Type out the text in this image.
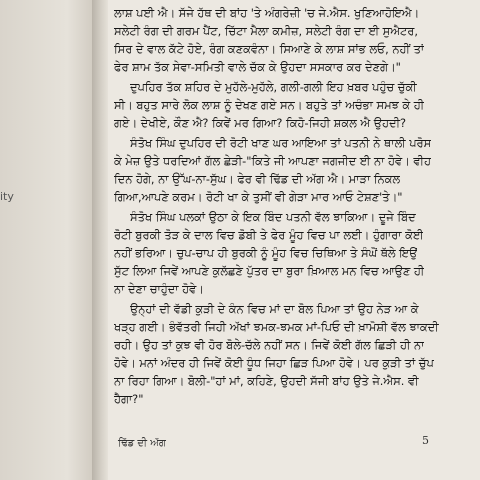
ity
ਲਾਸ਼ ਪਈ ਐ। ਸੱਜੇ ਹੱਥ ਦੀ ਬਾਂਹ 'ਤੇ ਅੰਗਰੇਜ਼ੀ 'ਚ ਜੇ.ਐਸ. ਖੁਣਿਆਹੋਇਐ।
ਸਲੇਟੀ ਰੰਗ ਦੀ ਗਰਮ ਪੈਂਟ, ਚਿੱਟਾ ਮੈਲਾ ਕਮੀਜ਼, ਸਲੇਟੀ ਰੰਗ ਦਾ ਈ ਸੁਐਟਰ,
ਸਿਰ ਦੇ ਵਾਲ ਕੱਟੇ ਹੋਏ, ਰੰਗ ਕਣਕਵੰਨਾ। ਸਿਆਣੇ ਕੇ ਲਾਸ਼ ਸਾਂਭ ਲਓ, ਨਹੀਂ ਤਾਂ
ਫੇਰ ਸ਼ਾਮ ਤੱਕ ਸੇਵਾ-ਸਮਿਤੀ ਵਾਲੇ ਚੱਕ ਕੇ ਉਹਦਾ ਸਸਕਾਰ ਕਰ ਦੇਣਗੇ।"
ਦੁਪਹਿਰ ਤੱਕ ਸ਼ਹਿਰ ਦੇ ਮੁਹੱਲੇ-ਮੁਹੱਲੇ, ਗਲੀ-ਗਲੀ ਇਹ ਖ਼ਬਰ ਪਹੁੰਚ ਚੁੱਕੀ
ਸੀ। ਬਹੁਤ ਸਾਰੇ ਲੋਕ ਲਾਸ਼ ਨੂੰ ਦੇਖਣ ਗਏ ਸਨ। ਬਹੁਤੇ ਤਾਂ ਅਚੰਭਾ ਸਮਝ ਕੇ ਹੀ
ਗਏ। ਦੇਖੀਏ, ਕੌਣ ਐ? ਕਿਵੇਂ ਮਰ ਗਿਆ? ਕਿਹੋ-ਜਿਹੀ ਸ਼ਕਲ ਐ ਉਹਦੀ?
ਸੰਤੋਖ ਸਿੰਘ ਦੁਪਹਿਰ ਦੀ ਰੋਟੀ ਖਾਣ ਘਰ ਆਇਆ ਤਾਂ ਪਤਨੀ ਨੇ ਥਾਲੀ ਪਰੋਸ
ਕੇ ਮੇਜ਼ ਉਤੇ ਧਰਦਿਆਂ ਗੱਲ ਛੇੜੀ-"ਕਿਤੇ ਜੀ ਆਪਣਾ ਜਗਜੀਦ ਈ ਨਾ ਹੋਵੇ। ਵੀਹ
ਦਿਨ ਹੋਗੇ, ਨਾ ਉੱਘ-ਨਾ-ਸੁੱਘ। ਫੇਰ ਵੀ ਢਿੱਡ ਦੀ ਅੱਗ ਐ। ਮਾੜਾ ਨਿਕਲ
ਗਿਆ,ਆਪਣੇ ਕਰਮ। ਰੋਟੀ ਖਾ ਕੇ ਤੁਸੀਂ ਵੀ ਗੇੜਾ ਮਾਰ ਆਓ ਟੇਸ਼ਣ'ਤੇ।"
ਸੰਤੋਖ ਸਿੰਘ ਪਲਕਾਂ ਉਠਾ ਕੇ ਇਕ ਬਿੰਦ ਪਤਨੀ ਵੱਲ ਝਾਕਿਆ। ਦੂਜੇ ਬਿੰਦ
ਰੋਟੀ ਬੁਰਕੀ ਤੋੜ ਕੇ ਦਾਲ ਵਿਚ ਡੋਬੀ ਤੇ ਫੇਰ ਮੂੰਹ ਵਿਚ ਪਾ ਲਈ। ਹੁੰਗਾਰਾ ਕੋਈ
ਨਹੀਂ ਭਰਿਆ। ਚੁਪ-ਚਾਪ ਹੀ ਬੁਰਕੀ ਨੂੰ ਮੂੰਹ ਵਿਚ ਚਿਥਿਆ ਤੇ ਸੰਘੋਂ ਥੱਲੇ ਇਉਂ
ਸੁੱਟ ਲਿਆ ਜਿਵੇਂ ਆਪਣੇ ਕੁਲੱਛਣੇ ਪੁੱਤਰ ਦਾ ਬੁਰਾ ਖ਼ਿਆਲ ਮਨ ਵਿਚ ਆਉਣ ਹੀ
ਨਾ ਦੇਣਾ ਚਾਹੁੰਦਾ ਹੋਵੇ।
ਉਨ੍ਹਾਂ ਦੀ ਵੱਡੀ ਕੁੜੀ ਦੇ ਕੰਨ ਵਿਚ ਮਾਂ ਦਾ ਬੋਲ ਪਿਆ ਤਾਂ ਉਹ ਨੇੜ ਆ ਕੇ
ਖੜ੍ਹ ਗਈ। ਭੰਵੱਤਰੀ ਜਿਹੀ ਅੱਖਾਂ ਝਮਕ-ਝਮਕ ਮਾਂ-ਪਿਓ ਦੀ ਖ਼ਾਮੋਸ਼ੀ ਵੱਲ ਝਾਕਦੀ
ਰਹੀ। ਉਹ ਤਾਂ ਕੁਝ ਵੀ ਹੋਰ ਬੋਲੇ-ਚੱਲੇ ਨਹੀਂ ਸਨ। ਜਿਵੇਂ ਕੋਈ ਗੱਲ ਛਿੜੀ ਹੀ ਨਾ
ਹੋਵੇ। ਮਨਾਂ ਅੰਦਰ ਹੀ ਜਿਵੇਂ ਕੋਈ ਧੂੰਧ ਜਿਹਾ ਛਿੜ ਪਿਆ ਹੋਵੇ। ਪਰ ਕੁੜੀ ਤਾਂ ਚੁੱਪ
ਨਾ ਰਿਹਾ ਗਿਆ। ਬੋਲੀ-"ਹਾਂ ਮਾਂ, ਕਹਿਣੇ, ਉਹਦੀ ਸੱਜੀ ਬਾਂਹ ਉਤੇ ਜੇ.ਐਸ. ਵੀ
ਹੈਗਾ?"
ਢਿੱਡ ਦੀ ਅੱਗ	5
